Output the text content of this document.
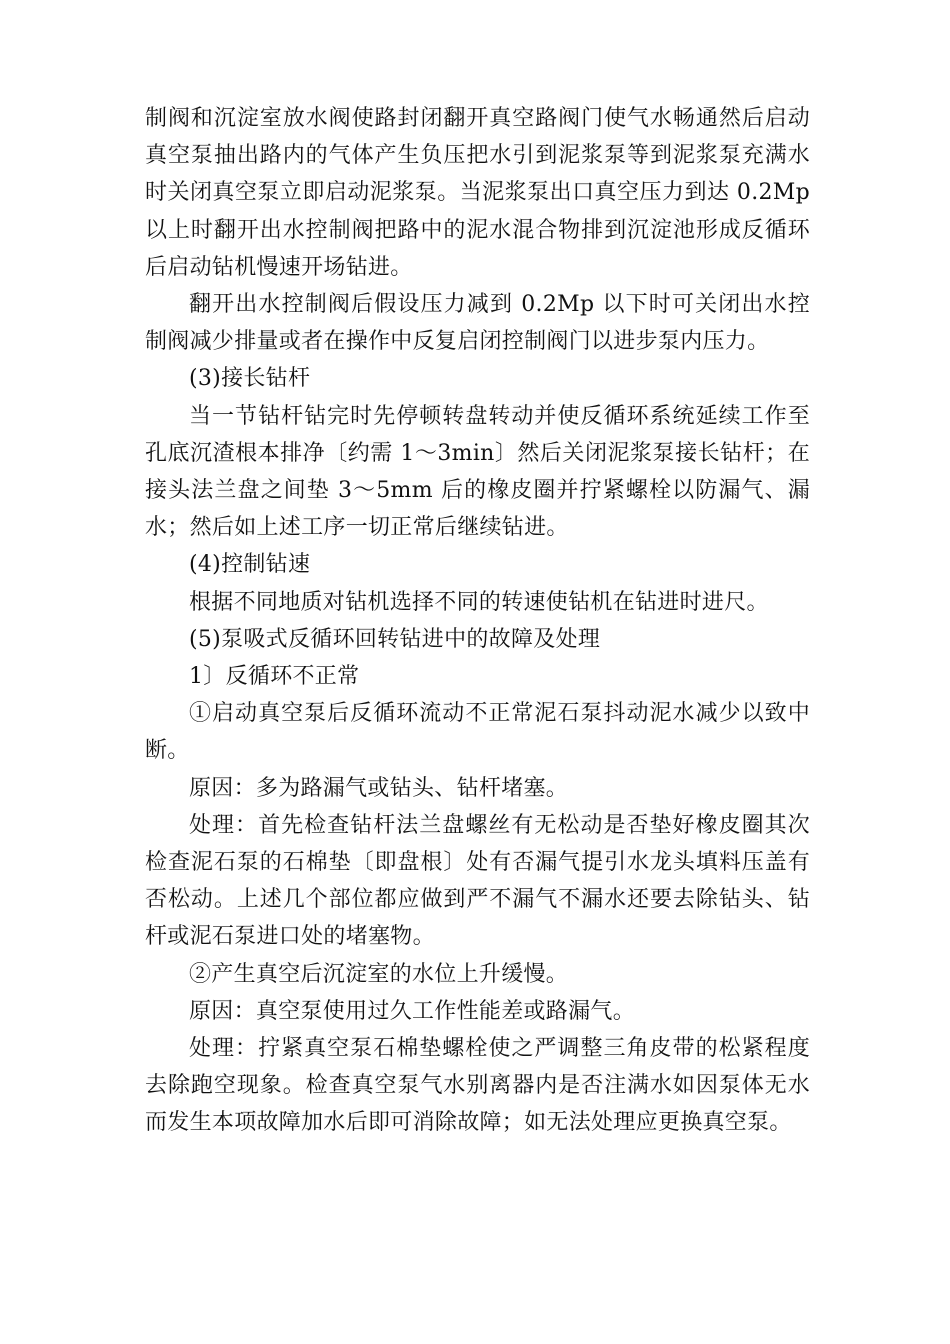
制阀和沉淀室放水阀使路封闭翻开真空路阀门使气水畅通然后启动真空泵抽出路内的气体产生负压把水引到泥浆泵等到泥浆泵充满水时关闭真空泵立即启动泥浆泵。当泥浆泵出口真空压力到达 0.2Mp 以上时翻开出水控制阀把路中的泥水混合物排到沉淀池形成反循环后启动钻机慢速开场钻进。

翻开出水控制阀后假设压力减到 0.2Mp 以下时可关闭出水控制阀减少排量或者在操作中反复启闭控制阀门以进步泵内压力。

(3)接长钻杆

当一节钻杆钻完时先停顿转盘转动并使反循环系统延续工作至孔底沉渣根本排净〔约需 1～3min〕然后关闭泥浆泵接长钻杆；在接头法兰盘之间垫 3～5mm 后的橡皮圈并拧紧螺栓以防漏气、漏水；然后如上述工序一切正常后继续钻进。

(4)控制钻速

根据不同地质对钻机选择不同的转速使钻机在钻进时进尺。

(5)泵吸式反循环回转钻进中的故障及处理

1〕反循环不正常

①启动真空泵后反循环流动不正常泥石泵抖动泥水减少以致中断。

原因：多为路漏气或钻头、钻杆堵塞。

处理：首先检查钻杆法兰盘螺丝有无松动是否垫好橡皮圈其次检查泥石泵的石棉垫〔即盘根〕处有否漏气提引水龙头填料压盖有否松动。上述几个部位都应做到严不漏气不漏水还要去除钻头、钻杆或泥石泵进口处的堵塞物。

②产生真空后沉淀室的水位上升缓慢。

原因：真空泵使用过久工作性能差或路漏气。

处理：拧紧真空泵石棉垫螺栓使之严调整三角皮带的松紧程度去除跑空现象。检查真空泵气水别离器内是否注满水如因泵体无水而发生本项故障加水后即可消除故障；如无法处理应更换真空泵。
